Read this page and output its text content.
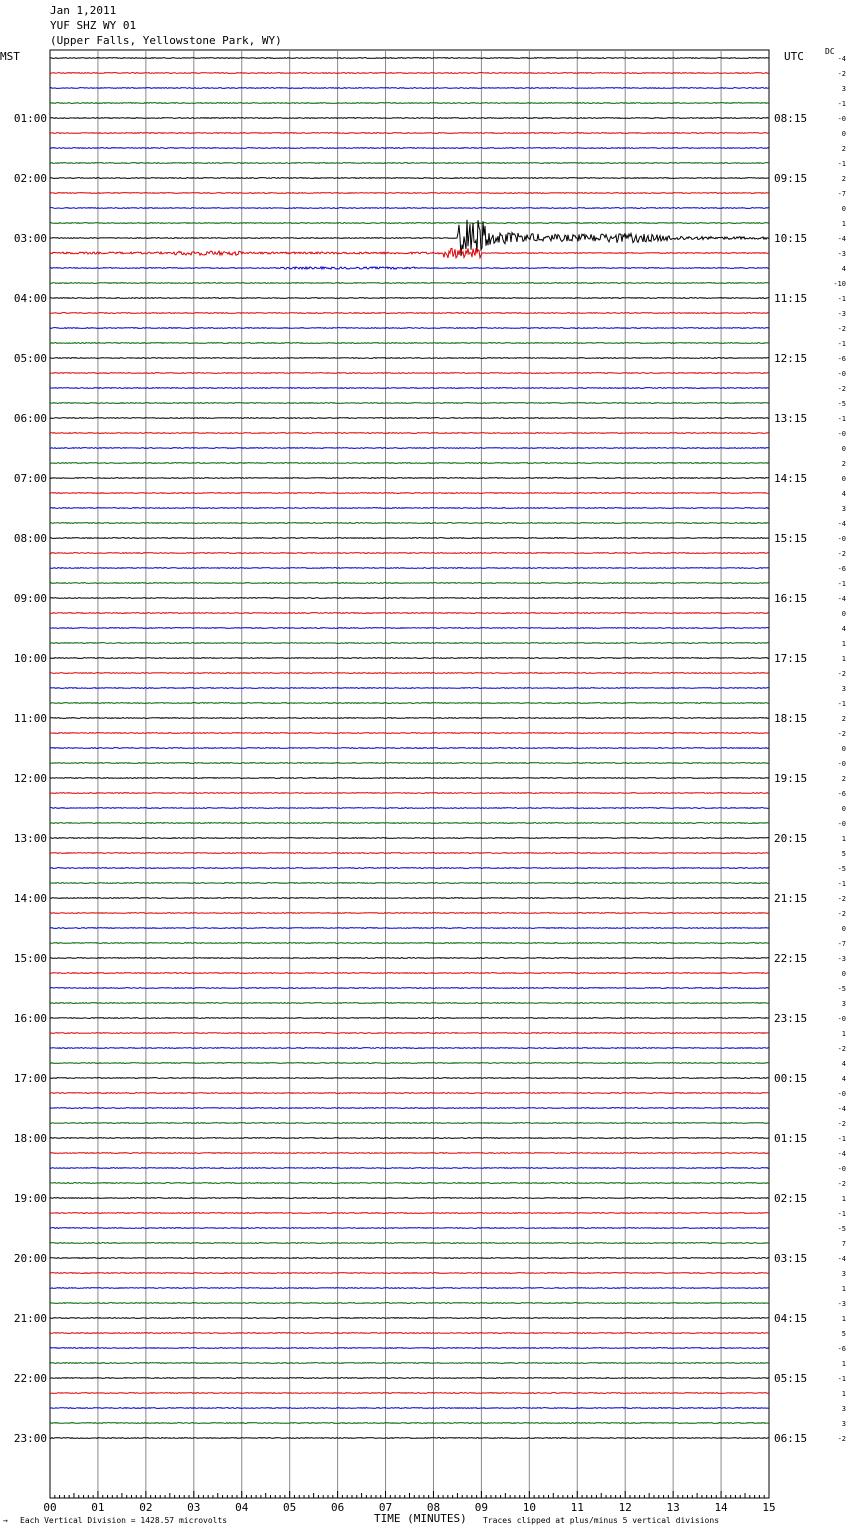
Jan 1,2011
YUF SHZ WY 01
(Upper Falls, Yellowstone Park, WY)
MST	UTC	DC
-4
-2
3
-1
-0
0
2
-1
2
-7
0
1
-4
-3
4
-10
-1
-3
-2
-1
-6
-0
-2
-5
-1
-0
0
2
0
4
3
-4
-0
-2
-6
-1
-4
0
4
1
1
-2
3
-1
2
-2
0
-0
2
-6
0
-0
1
5
-5
-1
-2
-2
0
-7
-3
0
-5
3
-0
1
-2
4
4
-0
-4
-2
-1
-4
-0
-2
1
-1
-5
7
-4
3
1
-3
1
5
-6
1
-1
1
3
3
-2
01:00
02:00
03:00
04:00
05:00
06:00
07:00
08:00
09:00
10:00
11:00
12:00
13:00
14:00
15:00
16:00
17:00
18:00
19:00
20:00
21:00
22:00
23:00
08:15
09:15
10:15
11:15
12:15
13:15
14:15
15:15
16:15
17:15
18:15
19:15
20:15
21:15
22:15
23:15
00:15
01:15
02:15
03:15
04:15
05:15
06:15
00	01	02	03	04	05	06	07	08	09	10	11	12	13	14	15
→ Each Vertical Division = 1428.57 microvolts	TIME (MINUTES) Traces clipped at plus/minus 5 vertical divisions
